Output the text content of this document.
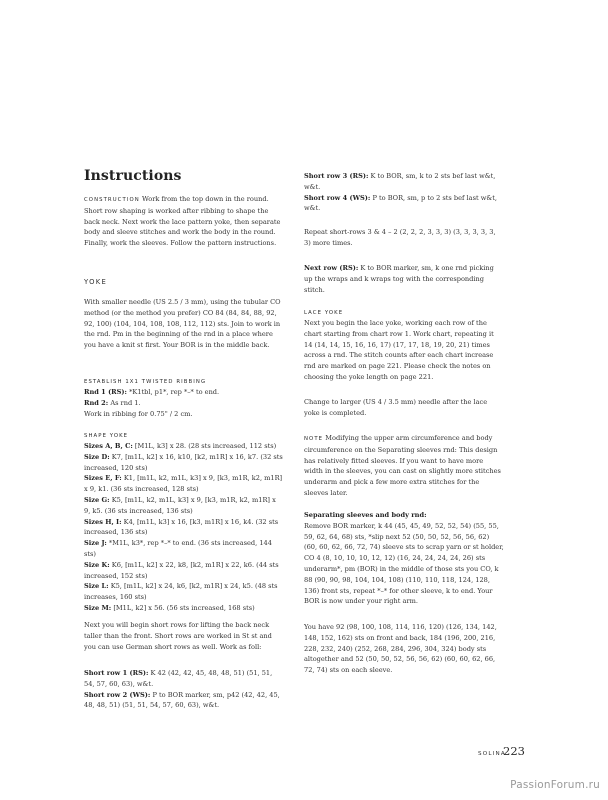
Instructions

CONSTRUCTION Work from the top down in the round. Short row shaping is worked after ribbing to shape the back neck. Next work the lace pattern yoke, then separate body and sleeve stitches and work the body in the round. Finally, work the sleeves. Follow the pattern instructions.

YOKE

With smaller needle (US 2.5 / 3 mm), using the tubular CO method (or the method you prefer) CO 84 (84, 84, 88, 92, 92, 100) (104, 104, 108, 108, 112, 112) sts. Join to work in the rnd. Pm in the beginning of the rnd in a place where you have a knit st first. Your BOR is in the middle back.

ESTABLISH 1X1 TWISTED RIBBING

Rnd 1 (RS): *K1tbl, p1*, rep *–* to end.

Rnd 2: As rnd 1.

Work in ribbing for 0.75" / 2 cm.

SHAPE YOKE

Sizes A, B, C: [M1L, k3] x 28. (28 sts increased, 112 sts)

Size D: K7, [m1L, k2] x 16, k10, [k2, m1R] x 16, k7. (32 sts increased, 120 sts)

Sizes E, F: K1, [m1L, k2, m1L, k3] x 9, [k3, m1R, k2, m1R] x 9, k1. (36 sts increased, 128 sts)

Size G: K5, [m1L, k2, m1L, k3] x 9, [k3, m1R, k2, m1R] x 9, k5. (36 sts increased, 136 sts)

Sizes H, I: K4, [m1L, k3] x 16, [k3, m1R] x 16, k4. (32 sts increased, 136 sts)

Size J: *M1L, k3*, rep *–* to end. (36 sts increased, 144 sts)

Size K: K6, [m1L, k2] x 22, k8, [k2, m1R] x 22, k6. (44 sts increased, 152 sts)

Size L: K5, [m1L, k2] x 24, k6, [k2, m1R] x 24, k5. (48 sts increases, 160 sts)

Size M: [M1L, k2] x 56. (56 sts increased, 168 sts)

Next you will begin short rows for lifting the back neck taller than the front. Short rows are worked in St st and you can use German short rows as well. Work as foll:

Short row 1 (RS): K 42 (42, 42, 45, 48, 48, 51) (51, 51, 54, 57, 60, 63), w&t.

Short row 2 (WS): P to BOR marker, sm, p42 (42, 42, 45, 48, 48, 51) (51, 51, 54, 57, 60, 63), w&t.

Short row 3 (RS): K to BOR, sm, k to 2 sts bef last w&t, w&t.

Short row 4 (WS): P to BOR, sm, p to 2 sts bef last w&t, w&t.

Repeat short-rows 3 & 4 – 2 (2, 2, 2, 3, 3, 3) (3, 3, 3, 3, 3, 3) more times.

Next row (RS): K to BOR marker, sm, k one rnd picking up the wraps and k wraps tog with the corresponding stitch.

LACE YOKE

Next you begin the lace yoke, working each row of the chart starting from chart row 1. Work chart, repeating it 14 (14, 14, 15, 16, 16, 17) (17, 17, 18, 19, 20, 21) times across a rnd. The stitch counts after each chart increase rnd are marked on page 221. Please check the notes on choosing the yoke length on page 221.

Change to larger (US 4 / 3.5 mm) needle after the lace yoke is completed.

NOTE Modifying the upper arm circumference and body circumference on the Separating sleeves rnd: This design has relatively fitted sleeves. If you want to have more width in the sleeves, you can cast on slightly more stitches underarm and pick a few more extra stitches for the sleeves later.

Separating sleeves and body rnd:

Remove BOR marker, k 44 (45, 45, 49, 52, 52, 54) (55, 55, 59, 62, 64, 68) sts, *slip next 52 (50, 50, 52, 56, 56, 62) (60, 60, 62, 66, 72, 74) sleeve sts to scrap yarn or st holder, CO 4 (8, 10, 10, 10, 12, 12) (16, 24, 24, 24, 24, 26) sts underarm*, pm (BOR) in the middle of those sts you CO, k 88 (90, 90, 98, 104, 104, 108) (110, 110, 118, 124, 128, 136) front sts, repeat *–* for other sleeve, k to end. Your BOR is now under your right arm.

You have 92 (98, 100, 108, 114, 116, 120) (126, 134, 142, 148, 152, 162) sts on front and back, 184 (196, 200, 216, 228, 232, 240) (252, 268, 284, 296, 304, 324) body sts altogether and 52 (50, 50, 52, 56, 56, 62) (60, 60, 62, 66, 72, 74) sts on each sleeve.

SOLINA
223
PassionForum.ru
